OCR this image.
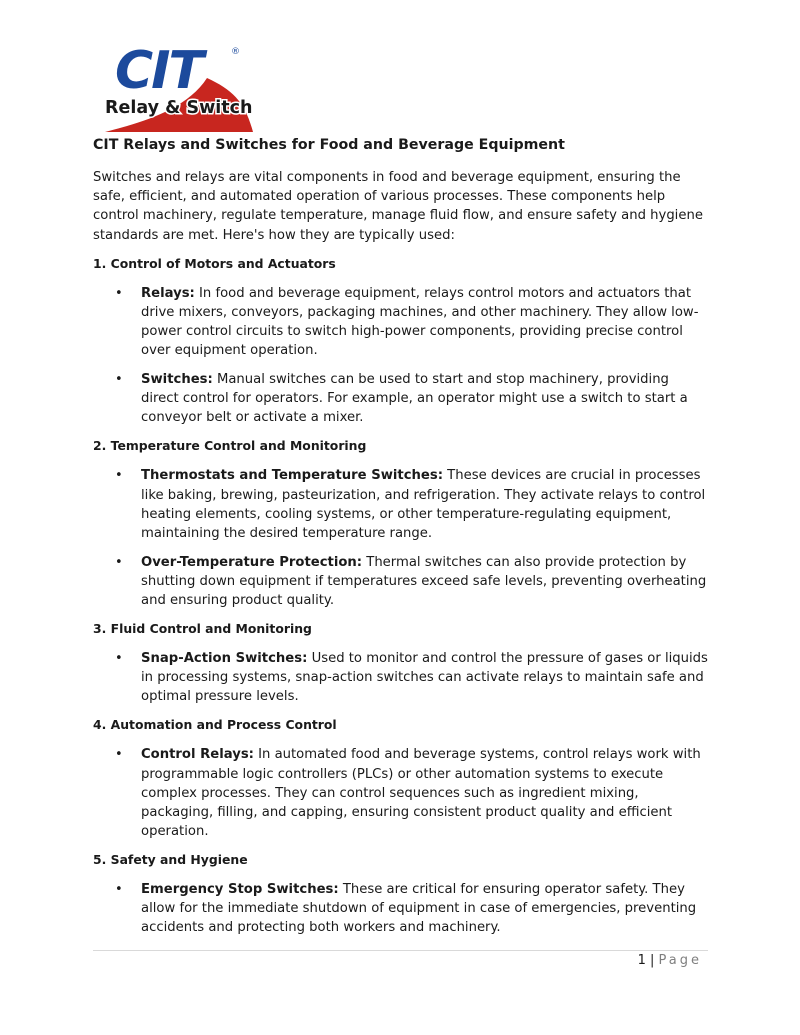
CIT	®
Relay & Switch
CIT Relays and Switches for Food and Beverage Equipment

Switches and relays are vital components in food and beverage equipment, ensuring the safe, efficient, and automated operation of various processes. These components help control machinery, regulate temperature, manage fluid flow, and ensure safety and hygiene standards are met. Here's how they are typically used:

1. Control of Motors and Actuators
• Relays: In food and beverage equipment, relays control motors and actuators that drive mixers, conveyors, packaging machines, and other machinery. They allow low-power control circuits to switch high-power components, providing precise control over equipment operation.
• Switches: Manual switches can be used to start and stop machinery, providing direct control for operators. For example, an operator might use a switch to start a conveyor belt or activate a mixer.
2. Temperature Control and Monitoring
• Thermostats and Temperature Switches: These devices are crucial in processes like baking, brewing, pasteurization, and refrigeration. They activate relays to control heating elements, cooling systems, or other temperature-regulating equipment, maintaining the desired temperature range.
• Over-Temperature Protection: Thermal switches can also provide protection by shutting down equipment if temperatures exceed safe levels, preventing overheating and ensuring product quality.
3. Fluid Control and Monitoring
• Snap-Action Switches: Used to monitor and control the pressure of gases or liquids in processing systems, snap-action switches can activate relays to maintain safe and optimal pressure levels.
4. Automation and Process Control
• Control Relays: In automated food and beverage systems, control relays work with programmable logic controllers (PLCs) or other automation systems to execute complex processes. They can control sequences such as ingredient mixing, packaging, filling, and capping, ensuring consistent product quality and efficient operation.
5. Safety and Hygiene
• Emergency Stop Switches: These are critical for ensuring operator safety. They allow for the immediate shutdown of equipment in case of emergencies, preventing accidents and protecting both workers and machinery.
1 | Page
